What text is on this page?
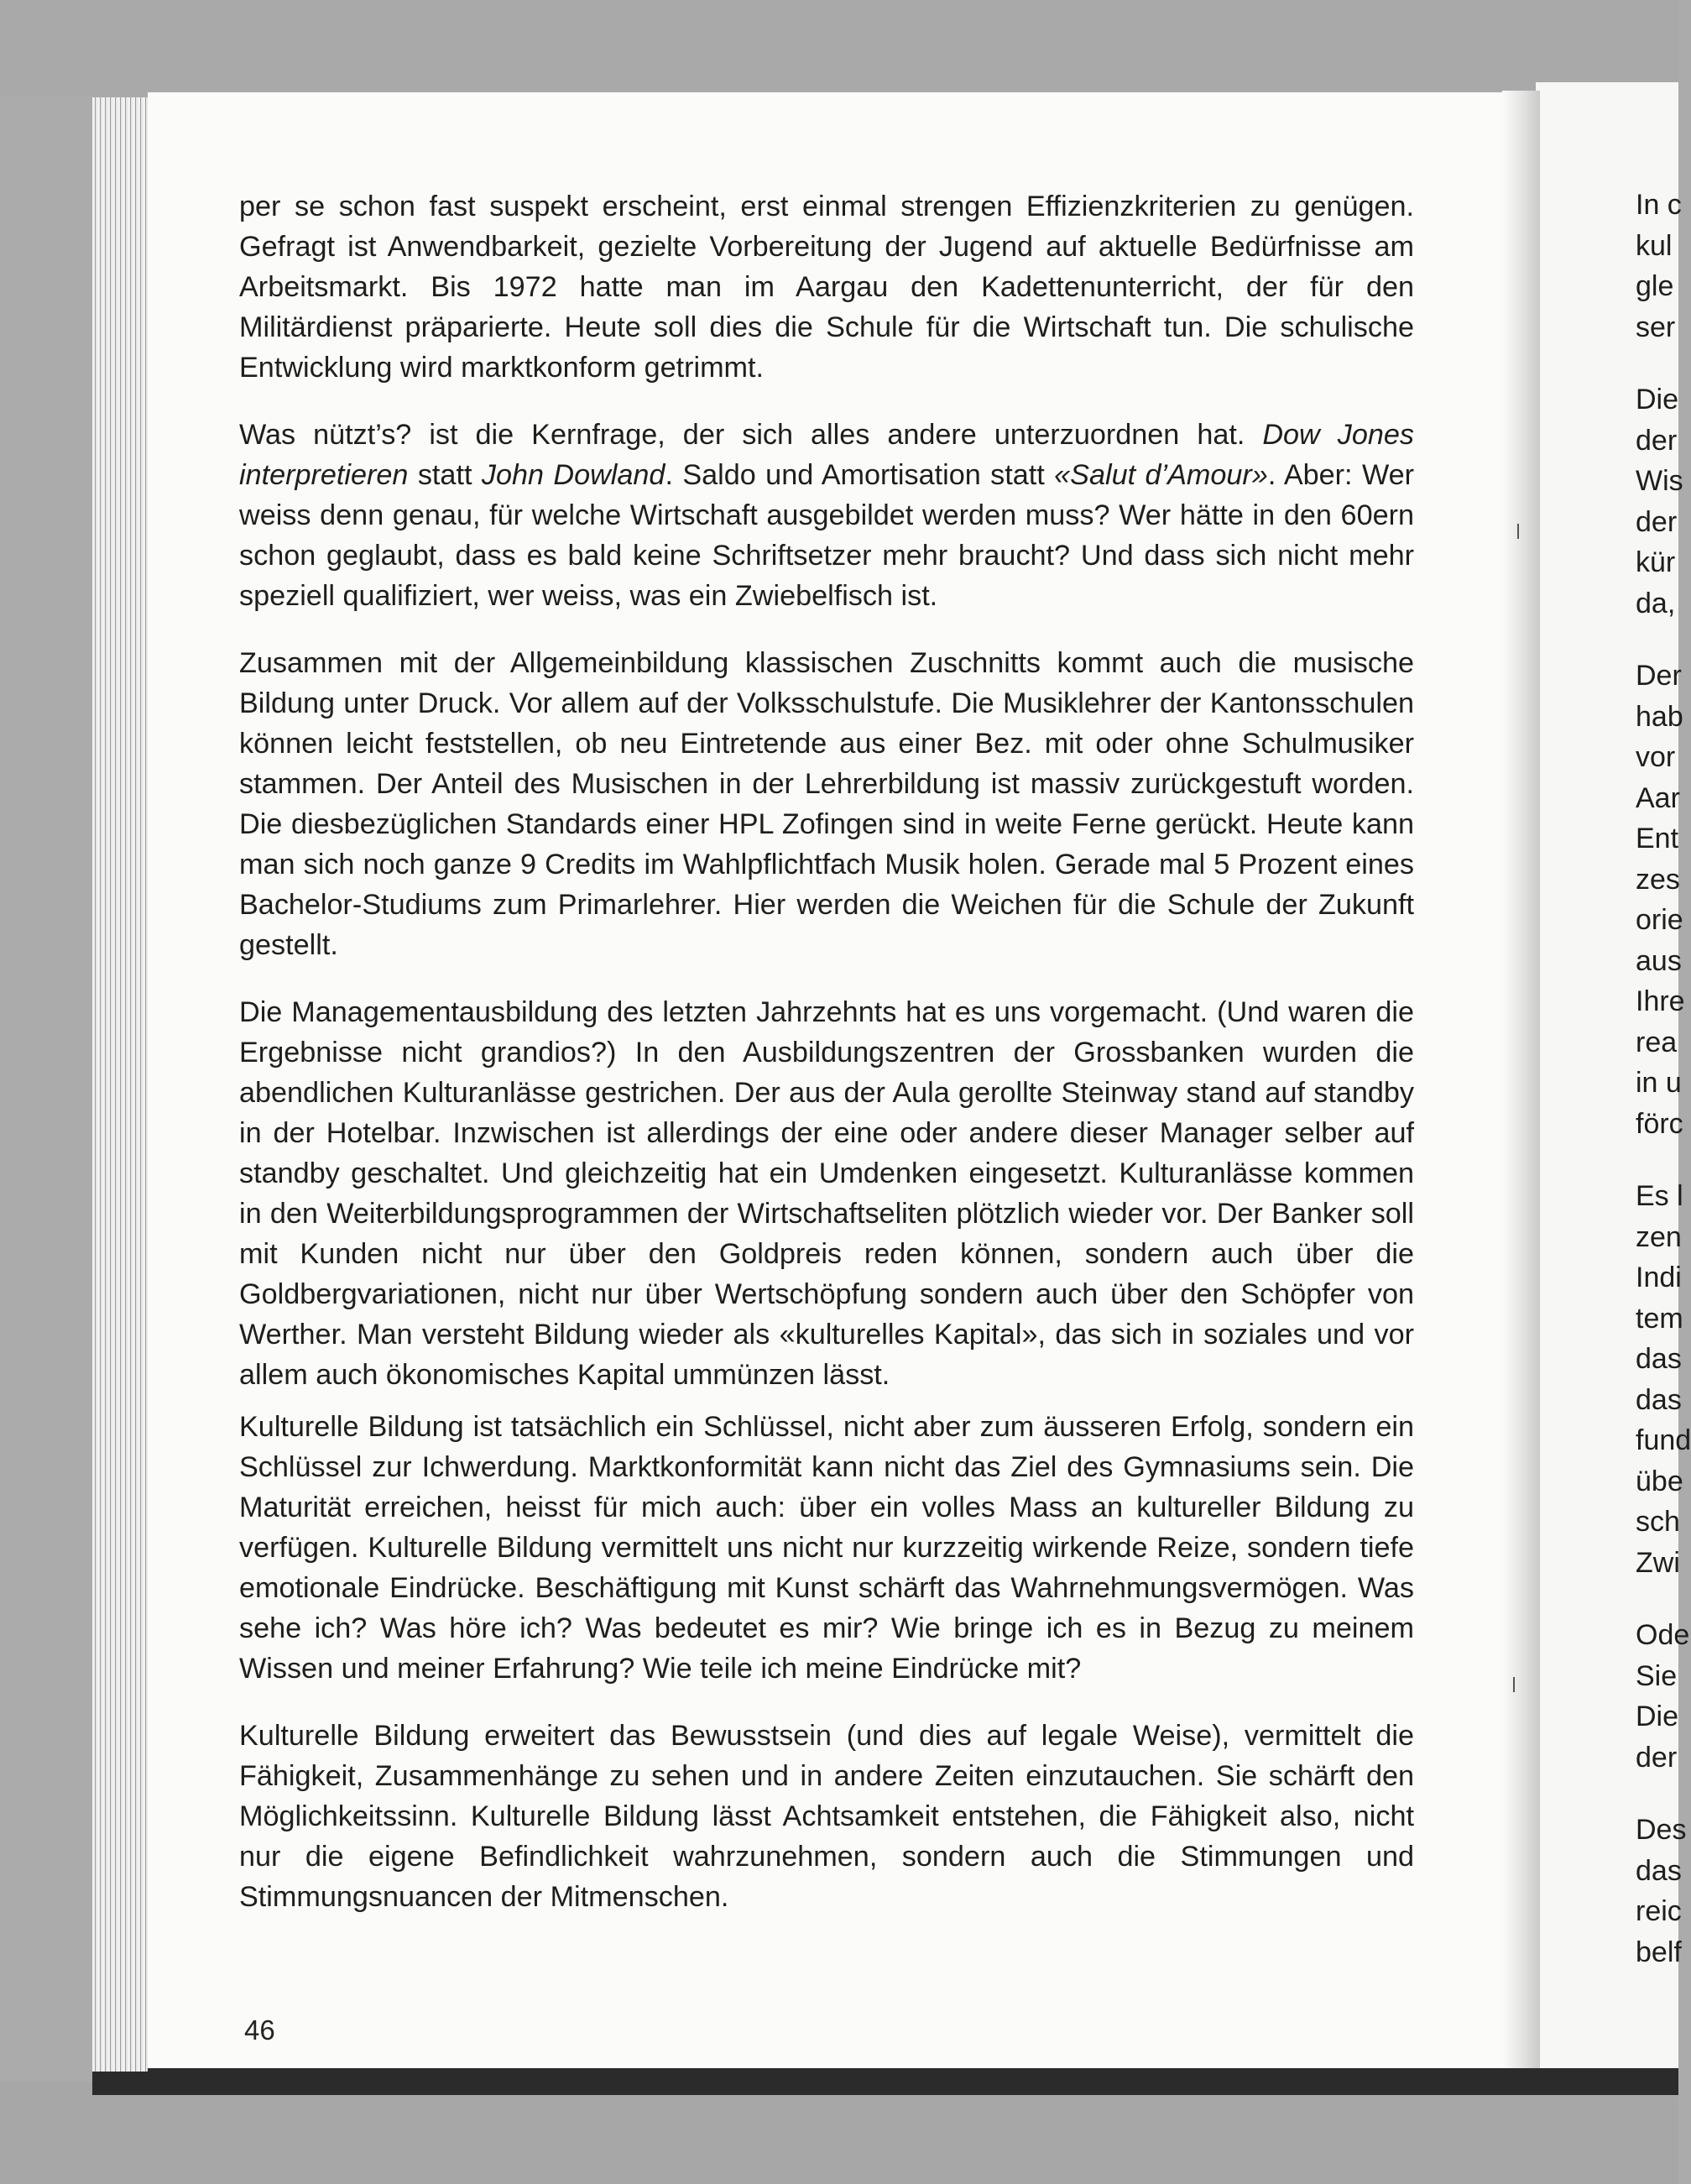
per se schon fast suspekt erscheint, erst einmal strengen Effizienzkriterien zu genügen. Gefragt ist Anwendbarkeit, gezielte Vorbereitung der Jugend auf aktuelle Bedürfnisse am Arbeitsmarkt. Bis 1972 hatte man im Aargau den Kadettenunterricht, der für den Militärdienst präparierte. Heute soll dies die Schule für die Wirtschaft tun. Die schulische Entwicklung wird marktkonform getrimmt.

Was nützt’s? ist die Kernfrage, der sich alles andere unterzuordnen hat. Dow Jones interpretieren statt John Dowland. Saldo und Amortisation statt «Salut d’Amour». Aber: Wer weiss denn genau, für welche Wirtschaft ausgebildet werden muss? Wer hätte in den 60ern schon geglaubt, dass es bald keine Schriftsetzer mehr braucht? Und dass sich nicht mehr speziell qualifiziert, wer weiss, was ein Zwiebelfisch ist.

Zusammen mit der Allgemeinbildung klassischen Zuschnitts kommt auch die musische Bildung unter Druck. Vor allem auf der Volksschulstufe. Die Musiklehrer der Kantonsschulen können leicht feststellen, ob neu Eintretende aus einer Bez. mit oder ohne Schulmusiker stammen. Der Anteil des Musischen in der Lehrerbildung ist massiv zurückgestuft worden. Die diesbezüglichen Standards einer HPL Zofingen sind in weite Ferne gerückt. Heute kann man sich noch ganze 9 Credits im Wahlpflichtfach Musik holen. Gerade mal 5 Prozent eines Bachelor-Studiums zum Primarlehrer. Hier werden die Weichen für die Schule der Zukunft gestellt.

Die Managementausbildung des letzten Jahrzehnts hat es uns vorgemacht. (Und waren die Ergebnisse nicht grandios?) In den Ausbildungszentren der Grossbanken wurden die abendlichen Kulturanlässe gestrichen. Der aus der Aula gerollte Steinway stand auf standby in der Hotelbar. Inzwischen ist allerdings der eine oder andere dieser Manager selber auf standby geschaltet. Und gleichzeitig hat ein Umdenken eingesetzt. Kulturanlässe kommen in den Weiterbildungsprogrammen der Wirtschaftseliten plötzlich wieder vor. Der Banker soll mit Kunden nicht nur über den Goldpreis reden können, sondern auch über die Goldbergvariationen, nicht nur über Wertschöpfung sondern auch über den Schöpfer von Werther. Man versteht Bildung wieder als «kulturelles Kapital», das sich in soziales und vor allem auch ökonomisches Kapital ummünzen lässt.

Kulturelle Bildung ist tatsächlich ein Schlüssel, nicht aber zum äusseren Erfolg, sondern ein Schlüssel zur Ichwerdung. Marktkonformität kann nicht das Ziel des Gymnasiums sein. Die Maturität erreichen, heisst für mich auch: über ein volles Mass an kultureller Bildung zu verfügen. Kulturelle Bildung vermittelt uns nicht nur kurzzeitig wirkende Reize, sondern tiefe emotionale Eindrücke. Beschäftigung mit Kunst schärft das Wahrnehmungsvermögen. Was sehe ich? Was höre ich? Was bedeutet es mir? Wie bringe ich es in Bezug zu meinem Wissen und meiner Erfahrung? Wie teile ich meine Eindrücke mit?

Kulturelle Bildung erweitert das Bewusstsein (und dies auf legale Weise), vermittelt die Fähigkeit, Zusammenhänge zu sehen und in andere Zeiten einzutauchen. Sie schärft den Möglichkeitssinn. Kulturelle Bildung lässt Achtsamkeit entstehen, die Fähigkeit also, nicht nur die eigene Befindlichkeit wahrzunehmen, sondern auch die Stimmungen und Stimmungsnuancen der Mitmenschen.

46
In c
kul
gle
ser
Die
der
Wis
der
kür
da,
Der
hab
vor
Aar
Ent
zes
orie
aus
Ihre
rea
in u
förc
Es l
zen
Indi
tem
das
das
fund
übe
sch
Zwi
Ode
Sie
Die
der
Des
das
reic
belf
